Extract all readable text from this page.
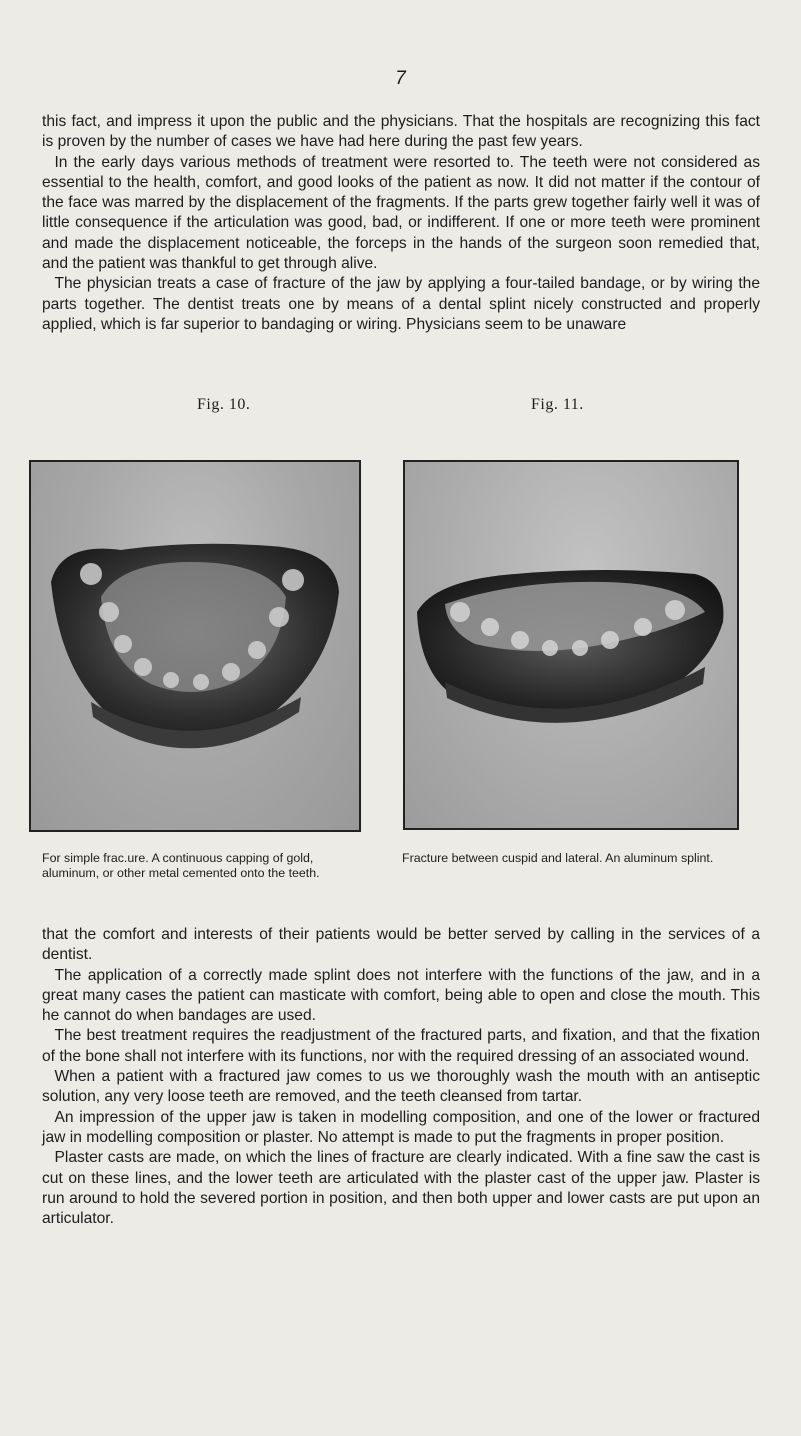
7

this fact, and impress it upon the public and the physicians. That the hospitals are recognizing this fact is proven by the number of cases we have had here during the past few years.

In the early days various methods of treatment were resorted to. The teeth were not considered as essential to the health, comfort, and good looks of the patient as now. It did not matter if the contour of the face was marred by the displacement of the fragments. If the parts grew together fairly well it was of little consequence if the articulation was good, bad, or indifferent. If one or more teeth were prominent and made the displacement noticeable, the forceps in the hands of the surgeon soon remedied that, and the patient was thankful to get through alive.

The physician treats a case of fracture of the jaw by applying a four-tailed bandage, or by wiring the parts together. The dentist treats one by means of a dental splint nicely constructed and properly applied, which is far superior to bandaging or wiring. Physicians seem to be unaware

Fig. 10.	Fig. 11.
For simple frac.ure. A continuous capping of gold, aluminum, or other metal cemented onto the teeth.
Fracture between cuspid and lateral. An aluminum splint.

that the comfort and interests of their patients would be better served by calling in the services of a dentist.

The application of a correctly made splint does not interfere with the functions of the jaw, and in a great many cases the patient can masticate with comfort, being able to open and close the mouth. This he cannot do when bandages are used.

The best treatment requires the readjustment of the fractured parts, and fixation, and that the fixation of the bone shall not interfere with its functions, nor with the required dressing of an associated wound.

When a patient with a fractured jaw comes to us we thoroughly wash the mouth with an antiseptic solution, any very loose teeth are removed, and the teeth cleansed from tartar.

An impression of the upper jaw is taken in modelling composition, and one of the lower or fractured jaw in modelling composition or plaster. No attempt is made to put the fragments in proper position.

Plaster casts are made, on which the lines of fracture are clearly indicated. With a fine saw the cast is cut on these lines, and the lower teeth are articulated with the plaster cast of the upper jaw. Plaster is run around to hold the severed portion in position, and then both upper and lower casts are put upon an articulator.
